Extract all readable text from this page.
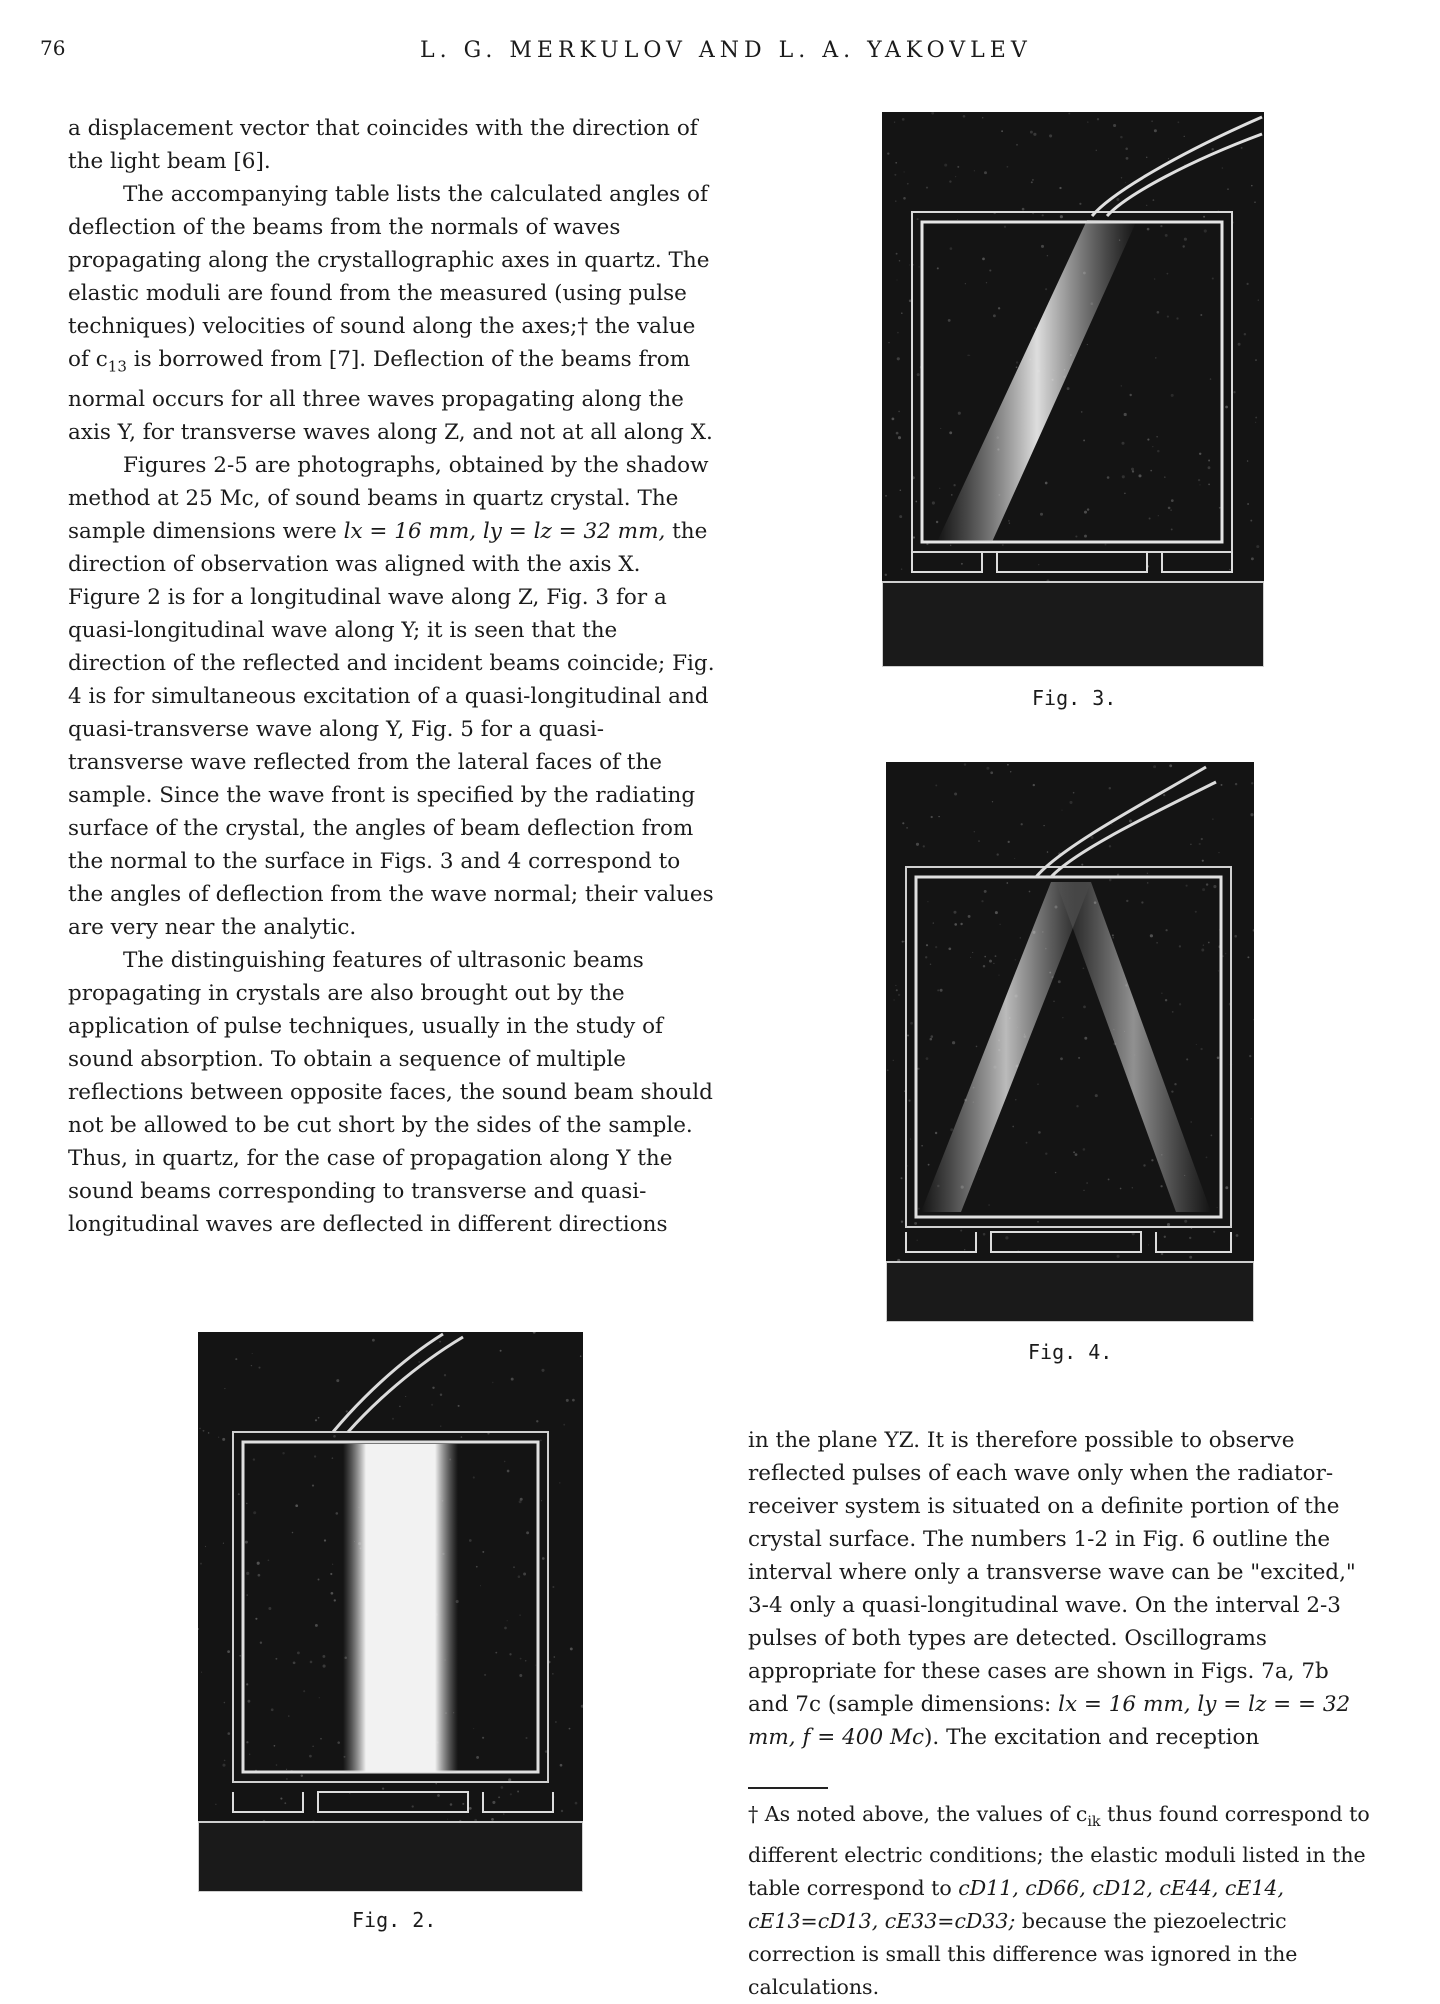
76	L. G. MERKULOV AND L. A. YAKOVLEV

a displacement vector that coincides with the direction of the light beam [6].

The accompanying table lists the calculated angles of deflection of the beams from the normals of waves propagating along the crystallographic axes in quartz. The elastic moduli are found from the measured (using pulse techniques) velocities of sound along the axes;† the value of $c_{13}$ is borrowed from [7]. Deflection of the beams from normal occurs for all three waves propagating along the axis Y, for transverse waves along Z, and not at all along X.

Figures 2-5 are photographs, obtained by the shadow method at 25 Mc, of sound beams in quartz crystal. The sample dimensions were lx = 16 mm, ly = lz = 32 mm, the direction of observation was aligned with the axis X. Figure 2 is for a longitudinal wave along Z, Fig. 3 for a quasi-longitudinal wave along Y; it is seen that the direction of the reflected and incident beams coincide; Fig. 4 is for simultaneous excitation of a quasi-longitudinal and quasi-transverse wave along Y, Fig. 5 for a quasi-transverse wave reflected from the lateral faces of the sample. Since the wave front is specified by the radiating surface of the crystal, the angles of beam deflection from the normal to the surface in Figs. 3 and 4 correspond to the angles of deflection from the wave normal; their values are very near the analytic.

The distinguishing features of ultrasonic beams propagating in crystals are also brought out by the application of pulse techniques, usually in the study of sound absorption. To obtain a sequence of multiple reflections between opposite faces, the sound beam should not be allowed to be cut short by the sides of the sample. Thus, in quartz, for the case of propagation along Y the sound beams corresponding to transverse and quasi-longitudinal waves are deflected in different directions

Fig. 3.
Fig. 4.
Fig. 2.

in the plane YZ. It is therefore possible to observe reflected pulses of each wave only when the radiator-receiver system is situated on a definite portion of the crystal surface. The numbers 1-2 in Fig. 6 outline the interval where only a transverse wave can be "excited," 3-4 only a quasi-longitudinal wave. On the interval 2-3 pulses of both types are detected. Oscillograms appropriate for these cases are shown in Figs. 7a, 7b and 7c (sample dimensions: lx = 16 mm, ly = lz = = 32 mm, f = 400 Mc). The excitation and reception

† As noted above, the values of $c_{ik}$ thus found correspond to different electric conditions; the elastic moduli listed in the table correspond to cD11, cD66, cD12, cE44, cE14, cE13=cD13, cE33=cD33; because the piezoelectric correction is small this difference was ignored in the calculations.
